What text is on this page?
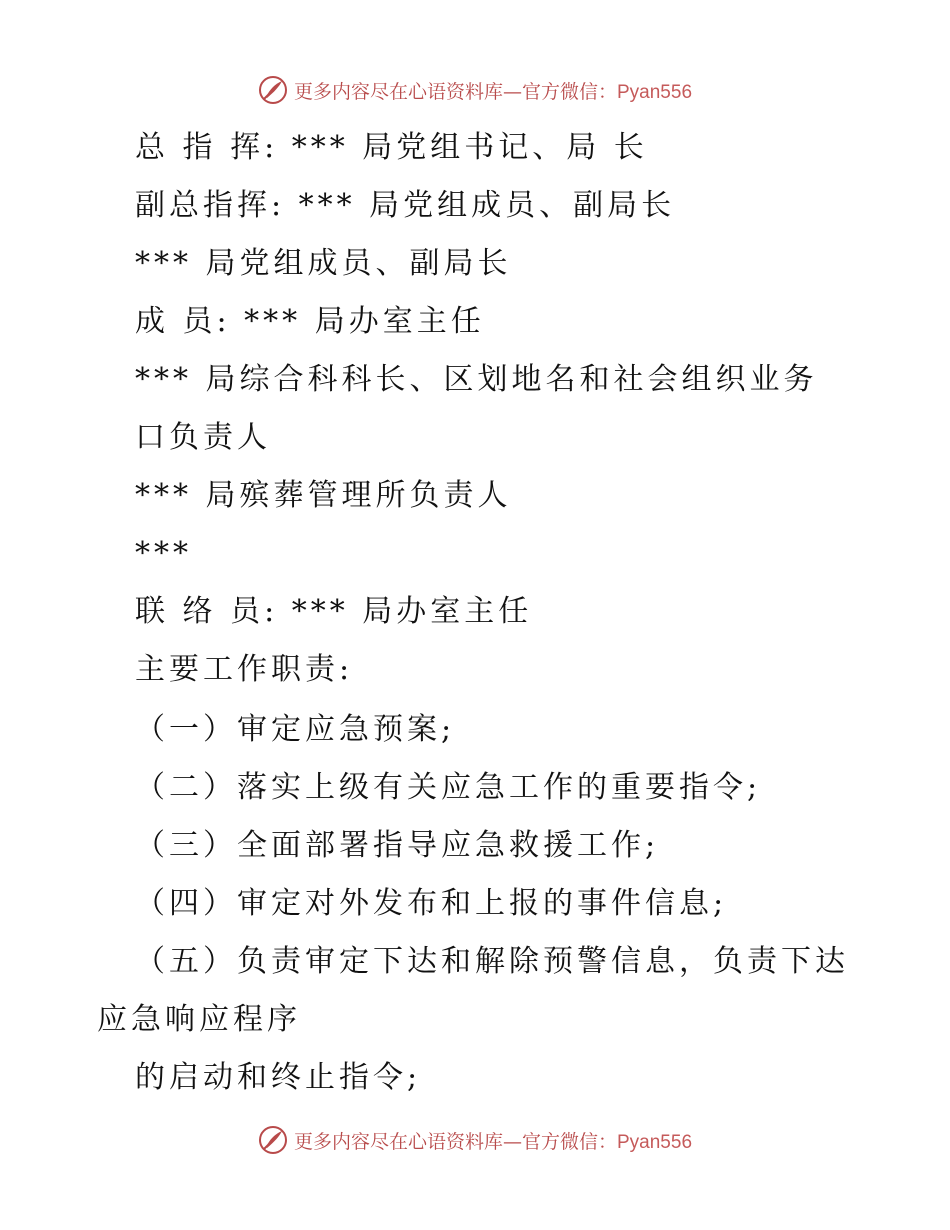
更多内容尽在心语资料库—官方微信：Pyan556
总 指 挥: *** 局党组书记、局 长
副总指挥: *** 局党组成员、副局长
*** 局党组成员、副局长
成 员: *** 局办室主任
*** 局综合科科长、区划地名和社会组织业务
口负责人
*** 局殡葬管理所负责人
***
联 络 员: *** 局办室主任
主要工作职责:
（一）审定应急预案;
（二）落实上级有关应急工作的重要指令;
（三）全面部署指导应急救援工作;
（四）审定对外发布和上报的事件信息;
（五）负责审定下达和解除预警信息，负责下达
应急响应程序
的启动和终止指令;
更多内容尽在心语资料库—官方微信：Pyan556
